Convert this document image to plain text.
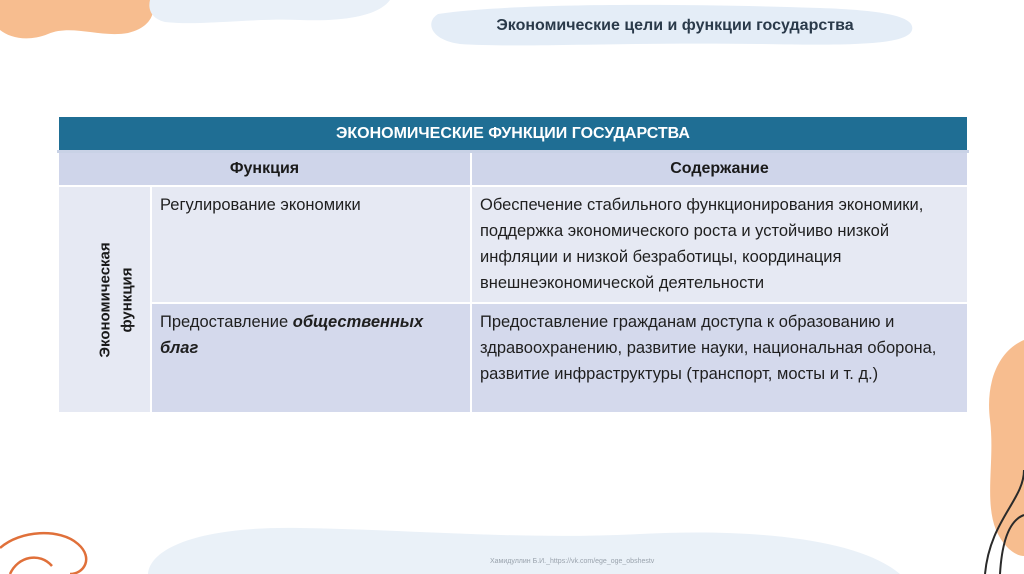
Экономические цели и функции государства
ЭКОНОМИЧЕСКИЕ ФУНКЦИИ ГОСУДАРСТВА		
Функция		Содержание
Экономическая функция	Регулирование экономики	Обеспечение стабильного функционирования экономики, поддержка экономического роста и устойчиво низкой инфляции и низкой безработицы, координация внешнеэкономической деятельности
	Предоставление общественных благ	Предоставление гражданам доступа к образованию и здравоохранению, развитие науки, национальная оборона, развитие инфраструктуры (транспорт, мосты и т. д.)
Хамидуллин Б.И._https://vk.com/ege_oge_obshestv
